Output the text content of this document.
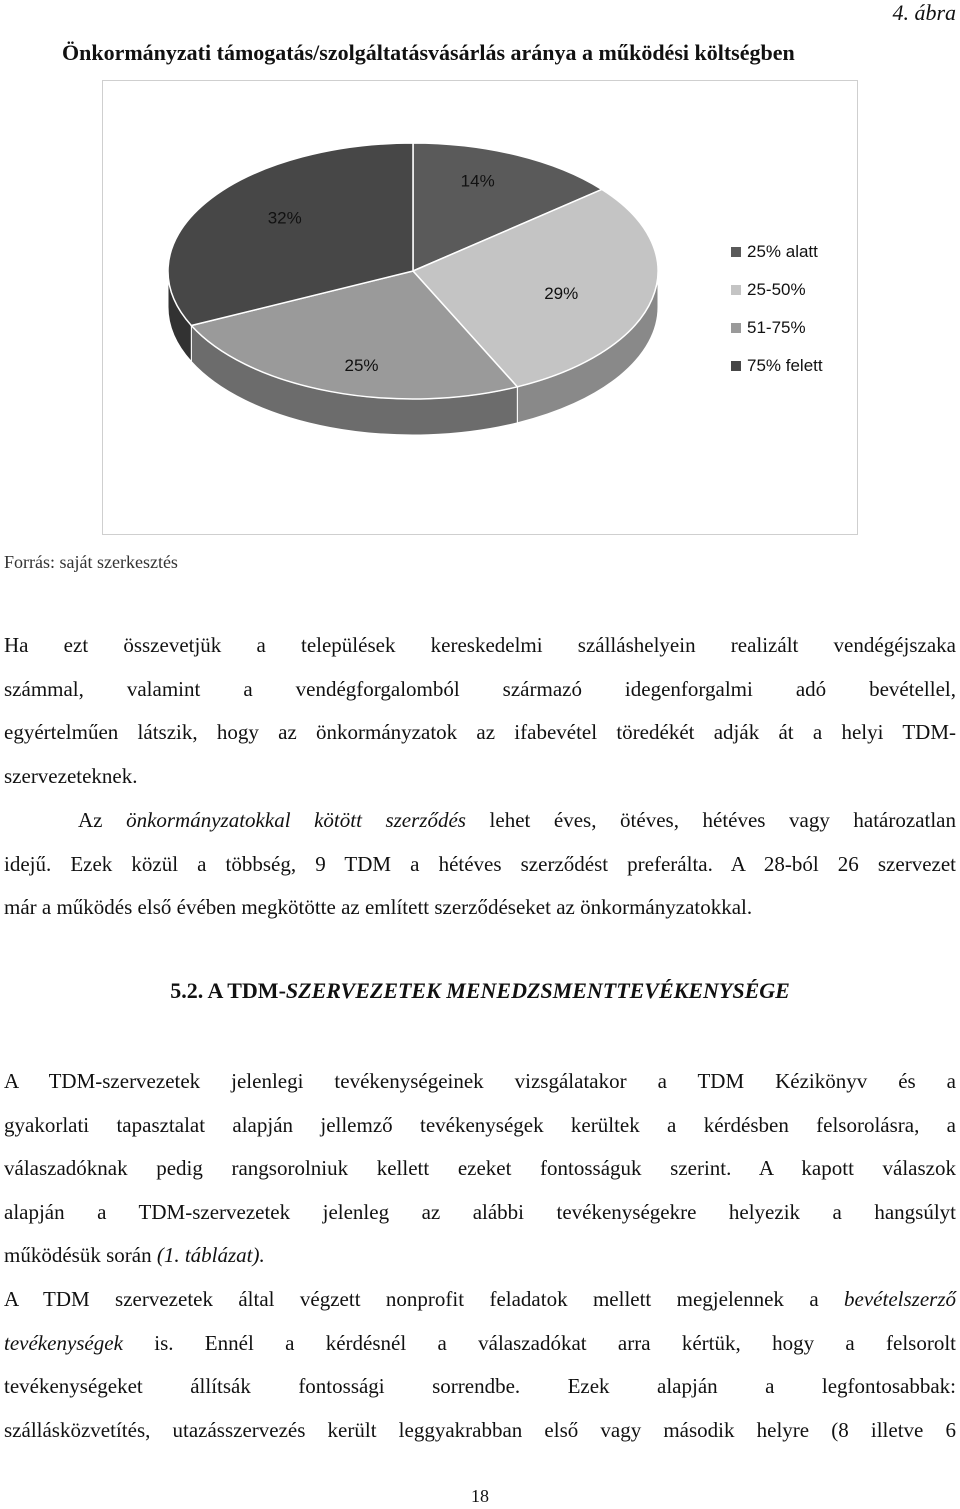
4. ábra
Önkormányzati támogatás/szolgáltatásvásárlás aránya a működési költségben
14%
29%
25%
32%
25% alatt
25-50%
51-75%
75% felett
Forrás: saját szerkesztés
Ha ezt összevetjük a települések kereskedelmi szálláshelyein realizált vendégéjszaka
számmal, valamint a vendégforgalomból származó idegenforgalmi adó bevétellel,
egyértelműen látszik, hogy az önkormányzatok az ifabevétel töredékét adják át a helyi TDM-
szervezeteknek.
Az önkormányzatokkal kötött szerződés lehet éves, ötéves, hétéves vagy határozatlan
idejű. Ezek közül a többség, 9 TDM a hétéves szerződést preferálta. A 28-ból 26 szervezet
már a működés első évében megkötötte az említett szerződéseket az önkormányzatokkal.
5.2. A TDM-SZERVEZETEK MENEDZSMENTTEVÉKENYSÉGE
A TDM-szervezetek jelenlegi tevékenységeinek vizsgálatakor a TDM Kézikönyv és a
gyakorlati tapasztalat alapján jellemző tevékenységek kerültek a kérdésben felsorolásra, a
válaszadóknak pedig rangsorolniuk kellett ezeket fontosságuk szerint. A kapott válaszok
alapján a TDM-szervezetek jelenleg az alábbi tevékenységekre helyezik a hangsúlyt
működésük során (1. táblázat).
A TDM szervezetek által végzett nonprofit feladatok mellett megjelennek a bevételszerző
tevékenységek is. Ennél a kérdésnél a válaszadókat arra kértük, hogy a felsorolt
tevékenységeket állítsák fontossági sorrendbe. Ezek alapján a legfontosabbak:
szállásközvetítés, utazásszervezés került leggyakrabban első vagy második helyre (8 illetve 6
18
